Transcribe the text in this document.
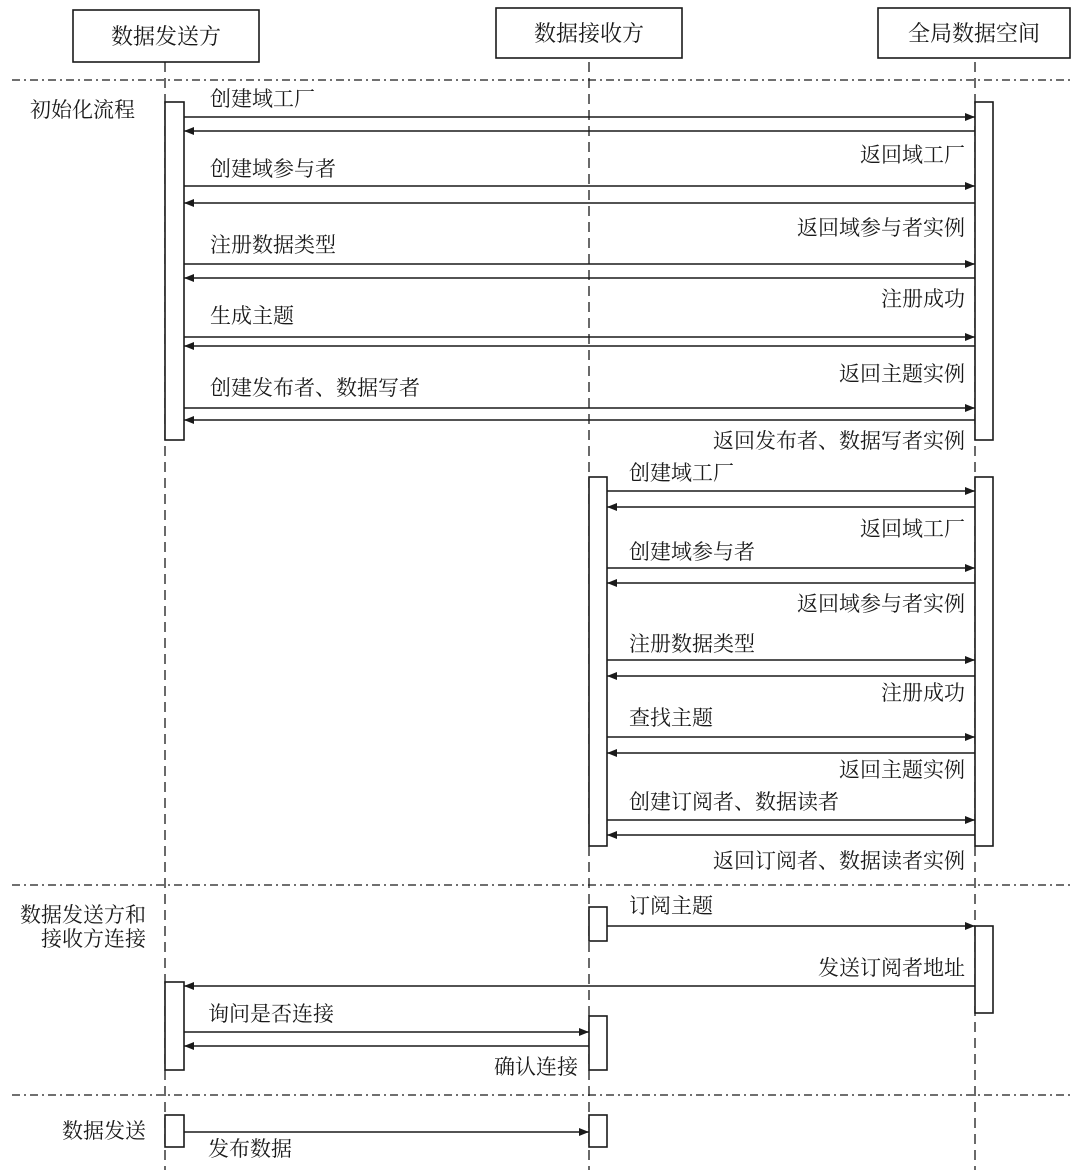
数据发送方	数据接收方	全局数据空间
初始化流程
数据发送方和
接收方连接
数据发送
创建域工厂
返回域工厂
创建域参与者
返回域参与者实例
注册数据类型
注册成功
生成主题
返回主题实例
创建发布者、数据写者
返回发布者、数据写者实例
创建域工厂
返回域工厂
创建域参与者
返回域参与者实例
注册数据类型
注册成功
查找主题
返回主题实例
创建订阅者、数据读者
返回订阅者、数据读者实例
订阅主题
发送订阅者地址
询问是否连接
确认连接
发布数据
